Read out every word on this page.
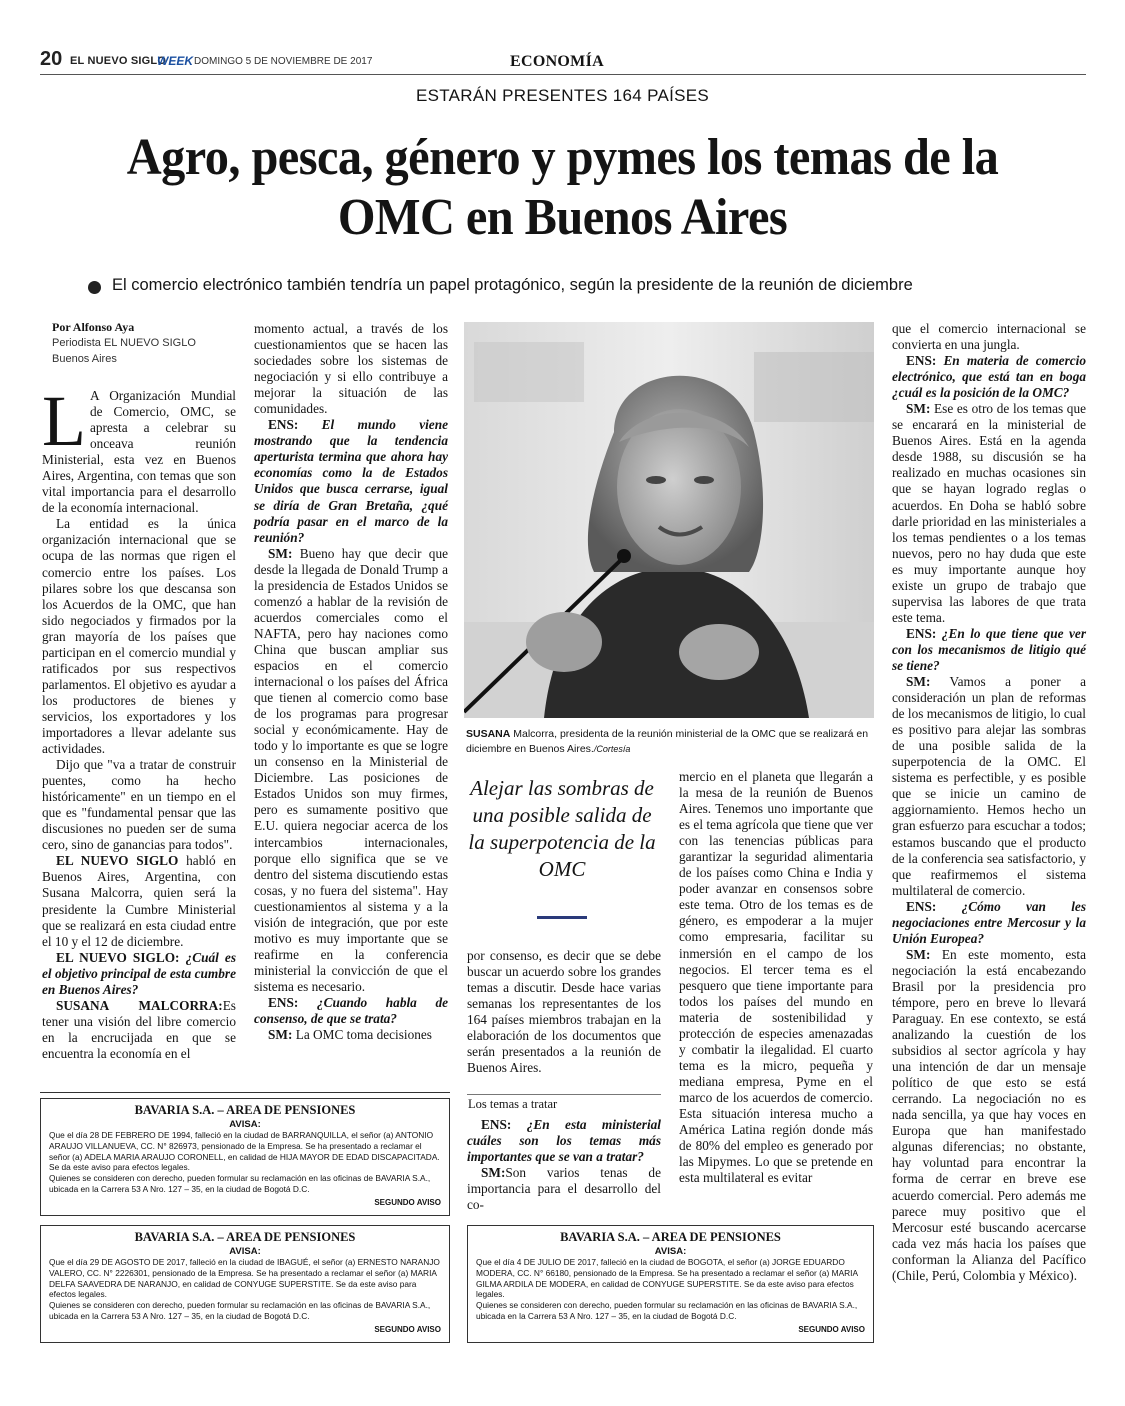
20 EL NUEVO SIGLO
WEEK DOMINGO 5 DE NOVIEMBRE DE 2017	ECONOMÍA
ESTARÁN PRESENTES 164 PAÍSES
Agro, pesca, género y pymes los temas de la OMC en Buenos Aires
El comercio electrónico también tendría un papel protagónico, según la presidente de la reunión de diciembre
Por Alfonso Aya
Periodista EL NUEVO SIGLO
Buenos Aires

L A Organización Mundial de Comercio, OMC, se apresta a celebrar su onceava reunión Ministerial, esta vez en Buenos Aires, Argentina, con temas que son vital importancia para el desarrollo de la economía internacional.

La entidad es la única organización internacional que se ocupa de las normas que rigen el comercio entre los países. Los pilares sobre los que descansa son los Acuerdos de la OMC, que han sido negociados y firmados por la gran mayoría de los países que participan en el comercio mundial y ratificados por sus respectivos parlamentos. El objetivo es ayudar a los productores de bienes y servicios, los exportadores y los importadores a llevar adelante sus actividades.

Dijo que "va a tratar de construir puentes, como ha hecho históricamente" en un tiempo en el que es "fundamental pensar que las discusiones no pueden ser de suma cero, sino de ganancias para todos".

EL NUEVO SIGLO habló en Buenos Aires, Argentina, con Susana Malcorra, quien será la presidente la Cumbre Ministerial que se realizará en esta ciudad entre el 10 y el 12 de diciembre.

EL NUEVO SIGLO: ¿Cuál es el objetivo principal de esta cumbre en Buenos Aires?

SUSANA MALCORRA:Es tener una visión del libre comercio en la encrucijada en que se encuentra la economía en el

momento actual, a través de los cuestionamientos que se hacen las sociedades sobre los sistemas de negociación y si ello contribuye a mejorar la situación de las comunidades.

ENS: El mundo viene mostrando que la tendencia aperturista termina que ahora hay economías como la de Estados Unidos que busca cerrarse, igual se diría de Gran Bretaña, ¿qué podría pasar en el marco de la reunión?

SM: Bueno hay que decir que desde la llegada de Donald Trump a la presidencia de Estados Unidos se comenzó a hablar de la revisión de acuerdos comerciales como el NAFTA, pero hay naciones como China que buscan ampliar sus espacios en el comercio internacional o los países del África que tienen al comercio como base de los programas para progresar social y económicamente. Hay de todo y lo importante es que se logre un consenso en la Ministerial de Diciembre. Las posiciones de Estados Unidos son muy firmes, pero es sumamente positivo que E.U. quiera negociar acerca de los intercambios internacionales, porque ello significa que se ve dentro del sistema discutiendo estas cosas, y no fuera del sistema". Hay cuestionamientos al sistema y a la visión de integración, que por este motivo es muy importante que se reafirme en la conferencia ministerial la convicción de que el sistema es necesario.

ENS: ¿Cuando habla de consenso, de que se trata?

SM: La OMC toma decisiones

SUSANA Malcorra, presidenta de la reunión ministerial de la OMC que se realizará en diciembre en Buenos Aires./Cortesía
Alejar las sombras de una posible salida de la superpotencia de la OMC

por consenso, es decir que se debe buscar un acuerdo sobre los grandes temas a discutir. Desde hace varias semanas los representantes de los 164 países miembros trabajan en la elaboración de los documentos que serán presentados a la reunión de Buenos Aires.

Los temas a tratar

ENS: ¿En esta ministerial cuáles son los temas más importantes que se van a tratar?

SM:Son varios tenas de importancia para el desarrollo del co-

mercio en el planeta que llegarán a la mesa de la reunión de Buenos Aires. Tenemos uno importante que es el tema agrícola que tiene que ver con las tenencias públicas para garantizar la seguridad alimentaria de los países como China e India y poder avanzar en consensos sobre este tema. Otro de los temas es de género, es empoderar a la mujer como empresaria, facilitar su inmersión en el campo de los negocios. El tercer tema es el pesquero que tiene importante para todos los países del mundo en materia de sostenibilidad y protección de especies amenazadas y combatir la ilegalidad. El cuarto tema es la micro, pequeña y mediana empresa, Pyme en el marco de los acuerdos de comercio. Esta situación interesa mucho a América Latina región donde más de 80% del empleo es generado por las Mipymes. Lo que se pretende en esta multilateral es evitar

que el comercio internacional se convierta en una jungla.

ENS: En materia de comercio electrónico, que está tan en boga ¿cuál es la posición de la OMC?

SM: Ese es otro de los temas que se encarará en la ministerial de Buenos Aires. Está en la agenda desde 1988, su discusión se ha realizado en muchas ocasiones sin que se hayan logrado reglas o acuerdos. En Doha se habló sobre darle prioridad en las ministeriales a los temas pendientes o a los temas nuevos, pero no hay duda que este es muy importante aunque hoy existe un grupo de trabajo que supervisa las labores de que trata este tema.

ENS: ¿En lo que tiene que ver con los mecanismos de litigio qué se tiene?

SM: Vamos a poner a consideración un plan de reformas de los mecanismos de litigio, lo cual es positivo para alejar las sombras de una posible salida de la superpotencia de la OMC. El sistema es perfectible, y es posible que se inicie un camino de aggiornamiento. Hemos hecho un gran esfuerzo para escuchar a todos; estamos buscando que el producto de la conferencia sea satisfactorio, y que reafirmemos el sistema multilateral de comercio.

ENS: ¿Cómo van les negociaciones entre Mercosur y la Unión Europea?

SM: En este momento, esta negociación la está encabezando Brasil por la presidencia pro témpore, pero en breve lo llevará Paraguay. En ese contexto, se está analizando la cuestión de los subsidios al sector agrícola y hay una intención de dar un mensaje político de que esto se está cerrando. La negociación no es nada sencilla, ya que hay voces en Europa que han manifestado algunas diferencias; no obstante, hay voluntad para encontrar la forma de cerrar en breve ese acuerdo comercial. Pero además me parece muy positivo que el Mercosur esté buscando acercarse cada vez más hacia los países que conforman la Alianza del Pacífico (Chile, Perú, Colombia y México).

BAVARIA S.A. – AREA DE PENSIONES
AVISA:
Que el día 28 DE FEBRERO DE 1994, falleció en la ciudad de BARRANQUILLA, el señor (a) ANTONIO ARAUJO VILLANUEVA, CC. N° 826973, pensionado de la Empresa. Se ha presentado a reclamar el señor (a) ADELA MARIA ARAUJO CORONELL, en calidad de HIJA MAYOR DE EDAD DISCAPACITADA. Se da este aviso para efectos legales.
Quienes se consideren con derecho, pueden formular su reclamación en las oficinas de BAVARIA S.A., ubicada en la Carrera 53 A Nro. 127 – 35, en la ciudad de Bogotá D.C.
SEGUNDO AVISO
BAVARIA S.A. – AREA DE PENSIONES
AVISA:
Que el día 29 DE AGOSTO DE 2017, falleció en la ciudad de IBAGUÉ, el señor (a) ERNESTO NARANJO VALERO, CC. N° 2226301, pensionado de la Empresa. Se ha presentado a reclamar el señor (a) MARIA DELFA SAAVEDRA DE NARANJO, en calidad de CONYUGE SUPERSTITE. Se da este aviso para efectos legales.
Quienes se consideren con derecho, pueden formular su reclamación en las oficinas de BAVARIA S.A., ubicada en la Carrera 53 A Nro. 127 – 35, en la ciudad de Bogotá D.C.
SEGUNDO AVISO
BAVARIA S.A. – AREA DE PENSIONES
AVISA:
Que el día 4 DE JULIO DE 2017, falleció en la ciudad de BOGOTA, el señor (a) JORGE EDUARDO MODERA, CC. N° 66180, pensionado de la Empresa. Se ha presentado a reclamar el señor (a) MARIA GILMA ARDILA DE MODERA, en calidad de CONYUGE SUPERSTITE. Se da este aviso para efectos legales.
Quienes se consideren con derecho, pueden formular su reclamación en las oficinas de BAVARIA S.A., ubicada en la Carrera 53 A Nro. 127 – 35, en la ciudad de Bogotá D.C.
SEGUNDO AVISO
